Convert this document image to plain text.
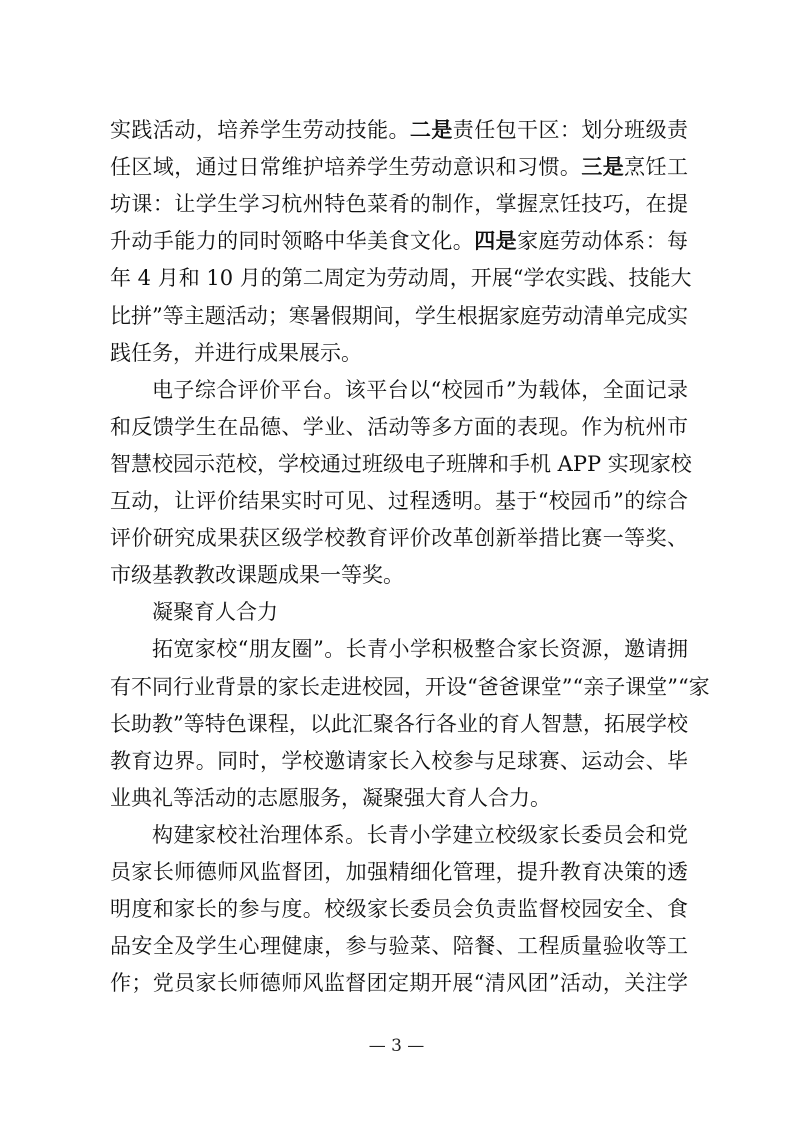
实践活动，培养学生劳动技能。二是责任包干区：划分班级责
任区域，通过日常维护培养学生劳动意识和习惯。三是烹饪工
坊课：让学生学习杭州特色菜肴的制作，掌握烹饪技巧，在提
升动手能力的同时领略中华美食文化。四是家庭劳动体系：每
年 4 月和 10 月的第二周定为劳动周，开展“学农实践、技能大
比拼”等主题活动；寒暑假期间，学生根据家庭劳动清单完成实
践任务，并进行成果展示。
电子综合评价平台。该平台以“校园币”为载体，全面记录
和反馈学生在品德、学业、活动等多方面的表现。作为杭州市
智慧校园示范校，学校通过班级电子班牌和手机 APP 实现家校
互动，让评价结果实时可见、过程透明。基于“校园币”的综合
评价研究成果获区级学校教育评价改革创新举措比赛一等奖、
市级基教教改课题成果一等奖。
凝聚育人合力
拓宽家校“朋友圈”。长青小学积极整合家长资源，邀请拥
有不同行业背景的家长走进校园，开设“爸爸课堂”“亲子课堂”“家
长助教”等特色课程，以此汇聚各行各业的育人智慧，拓展学校
教育边界。同时，学校邀请家长入校参与足球赛、运动会、毕
业典礼等活动的志愿服务，凝聚强大育人合力。
构建家校社治理体系。长青小学建立校级家长委员会和党
员家长师德师风监督团，加强精细化管理，提升教育决策的透
明度和家长的参与度。校级家长委员会负责监督校园安全、食
品安全及学生心理健康，参与验菜、陪餐、工程质量验收等工
作；党员家长师德师风监督团定期开展“清风团”活动，关注学
— 3 —
